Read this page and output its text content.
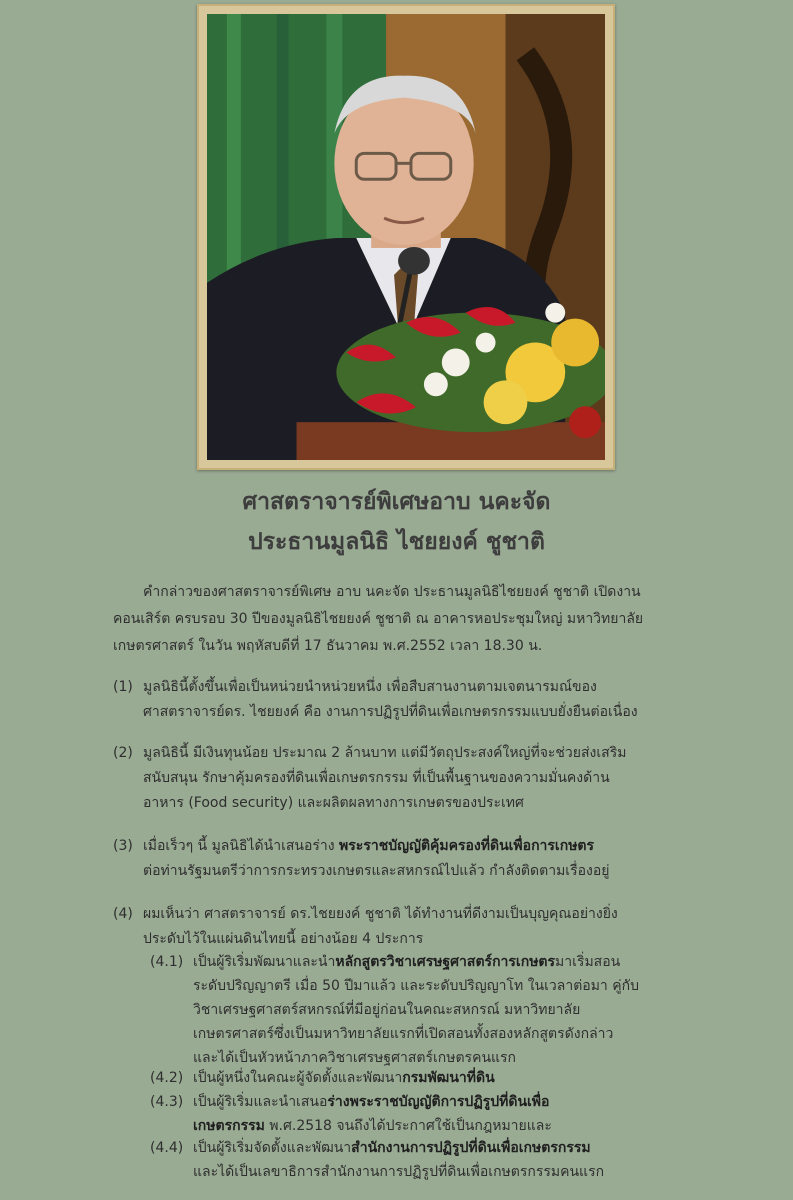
ศาสตราจารย์พิเศษอาบ นคะจัด
ประธานมูลนิธิ ไชยยงค์ ชูชาติ
คำกล่าวของศาสตราจารย์พิเศษ อาบ นคะจัด ประธานมูลนิธิไชยยงค์ ชูชาติ เปิดงาน
คอนเสิร์ต ครบรอบ 30 ปีของมูลนิธิไชยยงค์ ชูชาติ ณ อาคารหอประชุมใหญ่ มหาวิทยาลัย
เกษตรศาสตร์ ในวัน พฤหัสบดีที่ 17 ธันวาคม พ.ศ.2552 เวลา 18.30 น.
(1) มูลนิธินี้ตั้งขึ้นเพื่อเป็นหน่วยนำหน่วยหนึ่ง เพื่อสืบสานงานตามเจตนารมณ์ของ
ศาสตราจารย์ดร. ไชยยงค์ คือ งานการปฏิรูปที่ดินเพื่อเกษตรกรรมแบบยั่งยืนต่อเนื่อง
(2) มูลนิธินี้ มีเงินทุนน้อย ประมาณ 2 ล้านบาท แต่มีวัตถุประสงค์ใหญ่ที่จะช่วยส่งเสริม
สนับสนุน รักษาคุ้มครองที่ดินเพื่อเกษตรกรรม ที่เป็นพื้นฐานของความมั่นคงด้าน
อาหาร (Food security) และผลิตผลทางการเกษตรของประเทศ
(3) เมื่อเร็วๆ นี้ มูลนิธิได้นำเสนอร่าง พระราชบัญญัติคุ้มครองที่ดินเพื่อการเกษตร
ต่อท่านรัฐมนตรีว่าการกระทรวงเกษตรและสหกรณ์ไปแล้ว กำลังติดตามเรื่องอยู่
(4) ผมเห็นว่า ศาสตราจารย์ ดร.ไชยยงค์ ชูชาติ ได้ทำงานที่ดีงามเป็นบุญคุณอย่างยิ่ง
ประดับไว้ในแผ่นดินไทยนี้ อย่างน้อย 4 ประการ
(4.1) เป็นผู้ริเริ่มพัฒนาและนำหลักสูตรวิชาเศรษฐศาสตร์การเกษตรมาเริ่มสอน
ระดับปริญญาตรี เมื่อ 50 ปีมาแล้ว และระดับปริญญาโท ในเวลาต่อมา คู่กับ
วิชาเศรษฐศาสตร์สหกรณ์ที่มีอยู่ก่อนในคณะสหกรณ์ มหาวิทยาลัย
เกษตรศาสตร์ซึ่งเป็นมหาวิทยาลัยแรกที่เปิดสอนทั้งสองหลักสูตรดังกล่าว
และได้เป็นหัวหน้าภาควิชาเศรษฐศาสตร์เกษตรคนแรก
(4.2) เป็นผู้หนึ่งในคณะผู้จัดตั้งและพัฒนากรมพัฒนาที่ดิน
(4.3) เป็นผู้ริเริ่มและนำเสนอร่างพระราชบัญญัติการปฏิรูปที่ดินเพื่อ
เกษตรกรรม พ.ศ.2518 จนถึงได้ประกาศใช้เป็นกฎหมายและ
(4.4) เป็นผู้ริเริ่มจัดตั้งและพัฒนาสำนักงานการปฏิรูปที่ดินเพื่อเกษตรกรรม
และได้เป็นเลขาธิการสำนักงานการปฏิรูปที่ดินเพื่อเกษตรกรรมคนแรก
